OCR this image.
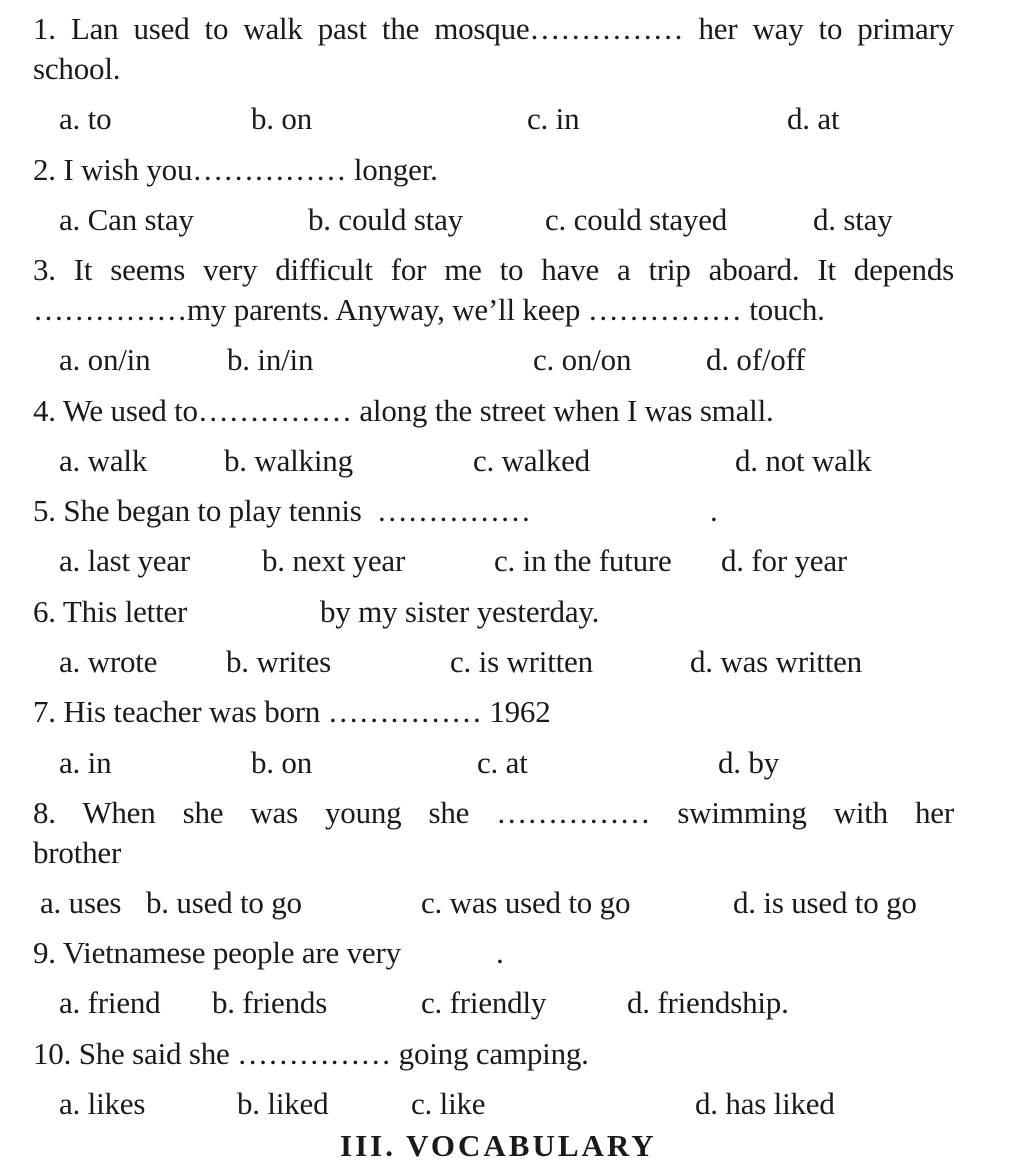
1. Lan used to walk past the mosque…………… her way to primary
school.
a. to	b. on	c. in	d. at
2. I wish you…………… longer.
a. Can stay	b. could stay	c. could stayed	d. stay
3. It seems very difficult for me to have a trip aboard. It depends
……………my parents. Anyway, we’ll keep …………… touch.
a. on/in b. in/in	c. on/on d. of/off
4. We used to…………… along the street when I was small.
a. walk b. walking	c. walked	d. not walk
5. She began to play tennis  ……………	.
a. last year b. next year	c. in the future d. for year
6. This letter	by my sister yesterday.
a. wrote b. writes	c. is written	d. was written
7. His teacher was born …………… 1962
a. in	b. on	c. at	d. by
8. When she was young she …………… swimming with her
brother
a. uses b. used to go	c. was used to go	d. is used to go
9. Vietnamese people are very	.
a. friend b. friends	c. friendly	d. friendship.
10. She said she …………… going camping.
a. likes	b. liked	c. like	d. has liked
III. VOCABULARY
